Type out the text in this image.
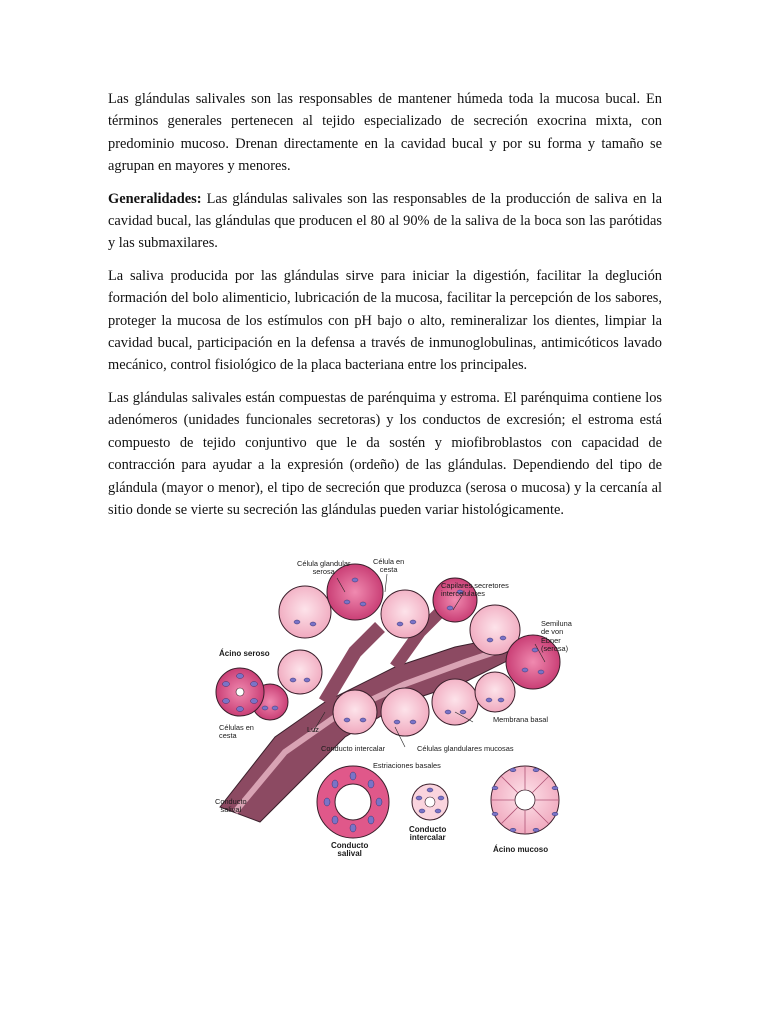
Las glándulas salivales son las responsables de mantener húmeda toda la mucosa bucal. En términos generales pertenecen al tejido especializado de secreción exocrina mixta, con predominio mucoso. Drenan directamente en la cavidad bucal y por su forma y tamaño se agrupan en mayores y menores.

Generalidades: Las glándulas salivales son las responsables de la producción de saliva en la cavidad bucal, las glándulas que producen el 80 al 90% de la saliva de la boca son las parótidas y las submaxilares.

La saliva producida por las glándulas sirve para iniciar la digestión, facilitar la deglución formación del bolo alimenticio, lubricación de la mucosa, facilitar la percepción de los sabores, proteger la mucosa de los estímulos con pH bajo o alto, remineralizar los dientes, limpiar la cavidad bucal, participación en la defensa a través de inmunoglobulinas, antimicóticos lavado mecánico, control fisiológico de la placa bacteriana entre los principales.

Las glándulas salivales están compuestas de parénquima y estroma. El parénquima contiene los adenómeros (unidades funcionales secretoras) y los conductos de excresión; el estroma está compuesto de tejido conjuntivo que le da sostén y miofibroblastos con capacidad de contracción para ayudar a la expresión (ordeño) de las glándulas. Dependiendo del tipo de glándula (mayor o menor), el tipo de secreción que produzca (serosa o mucosa) y la cercanía al sitio donde se vierte su secreción las glándulas pueden variar histológicamente.

Célula glandular
serosa
Célula en
cesta
Capilares secretores
intercelulares
Ácino seroso
Semiluna
de von
Ebner
(serosa)
Membrana basal
Luz
Células en
cesta
Conducto intercalar	Células glandulares mucosas
Estriaciones basales
Conducto
salival
Conducto
salival
Conducto
intercalar
Ácino mucoso
